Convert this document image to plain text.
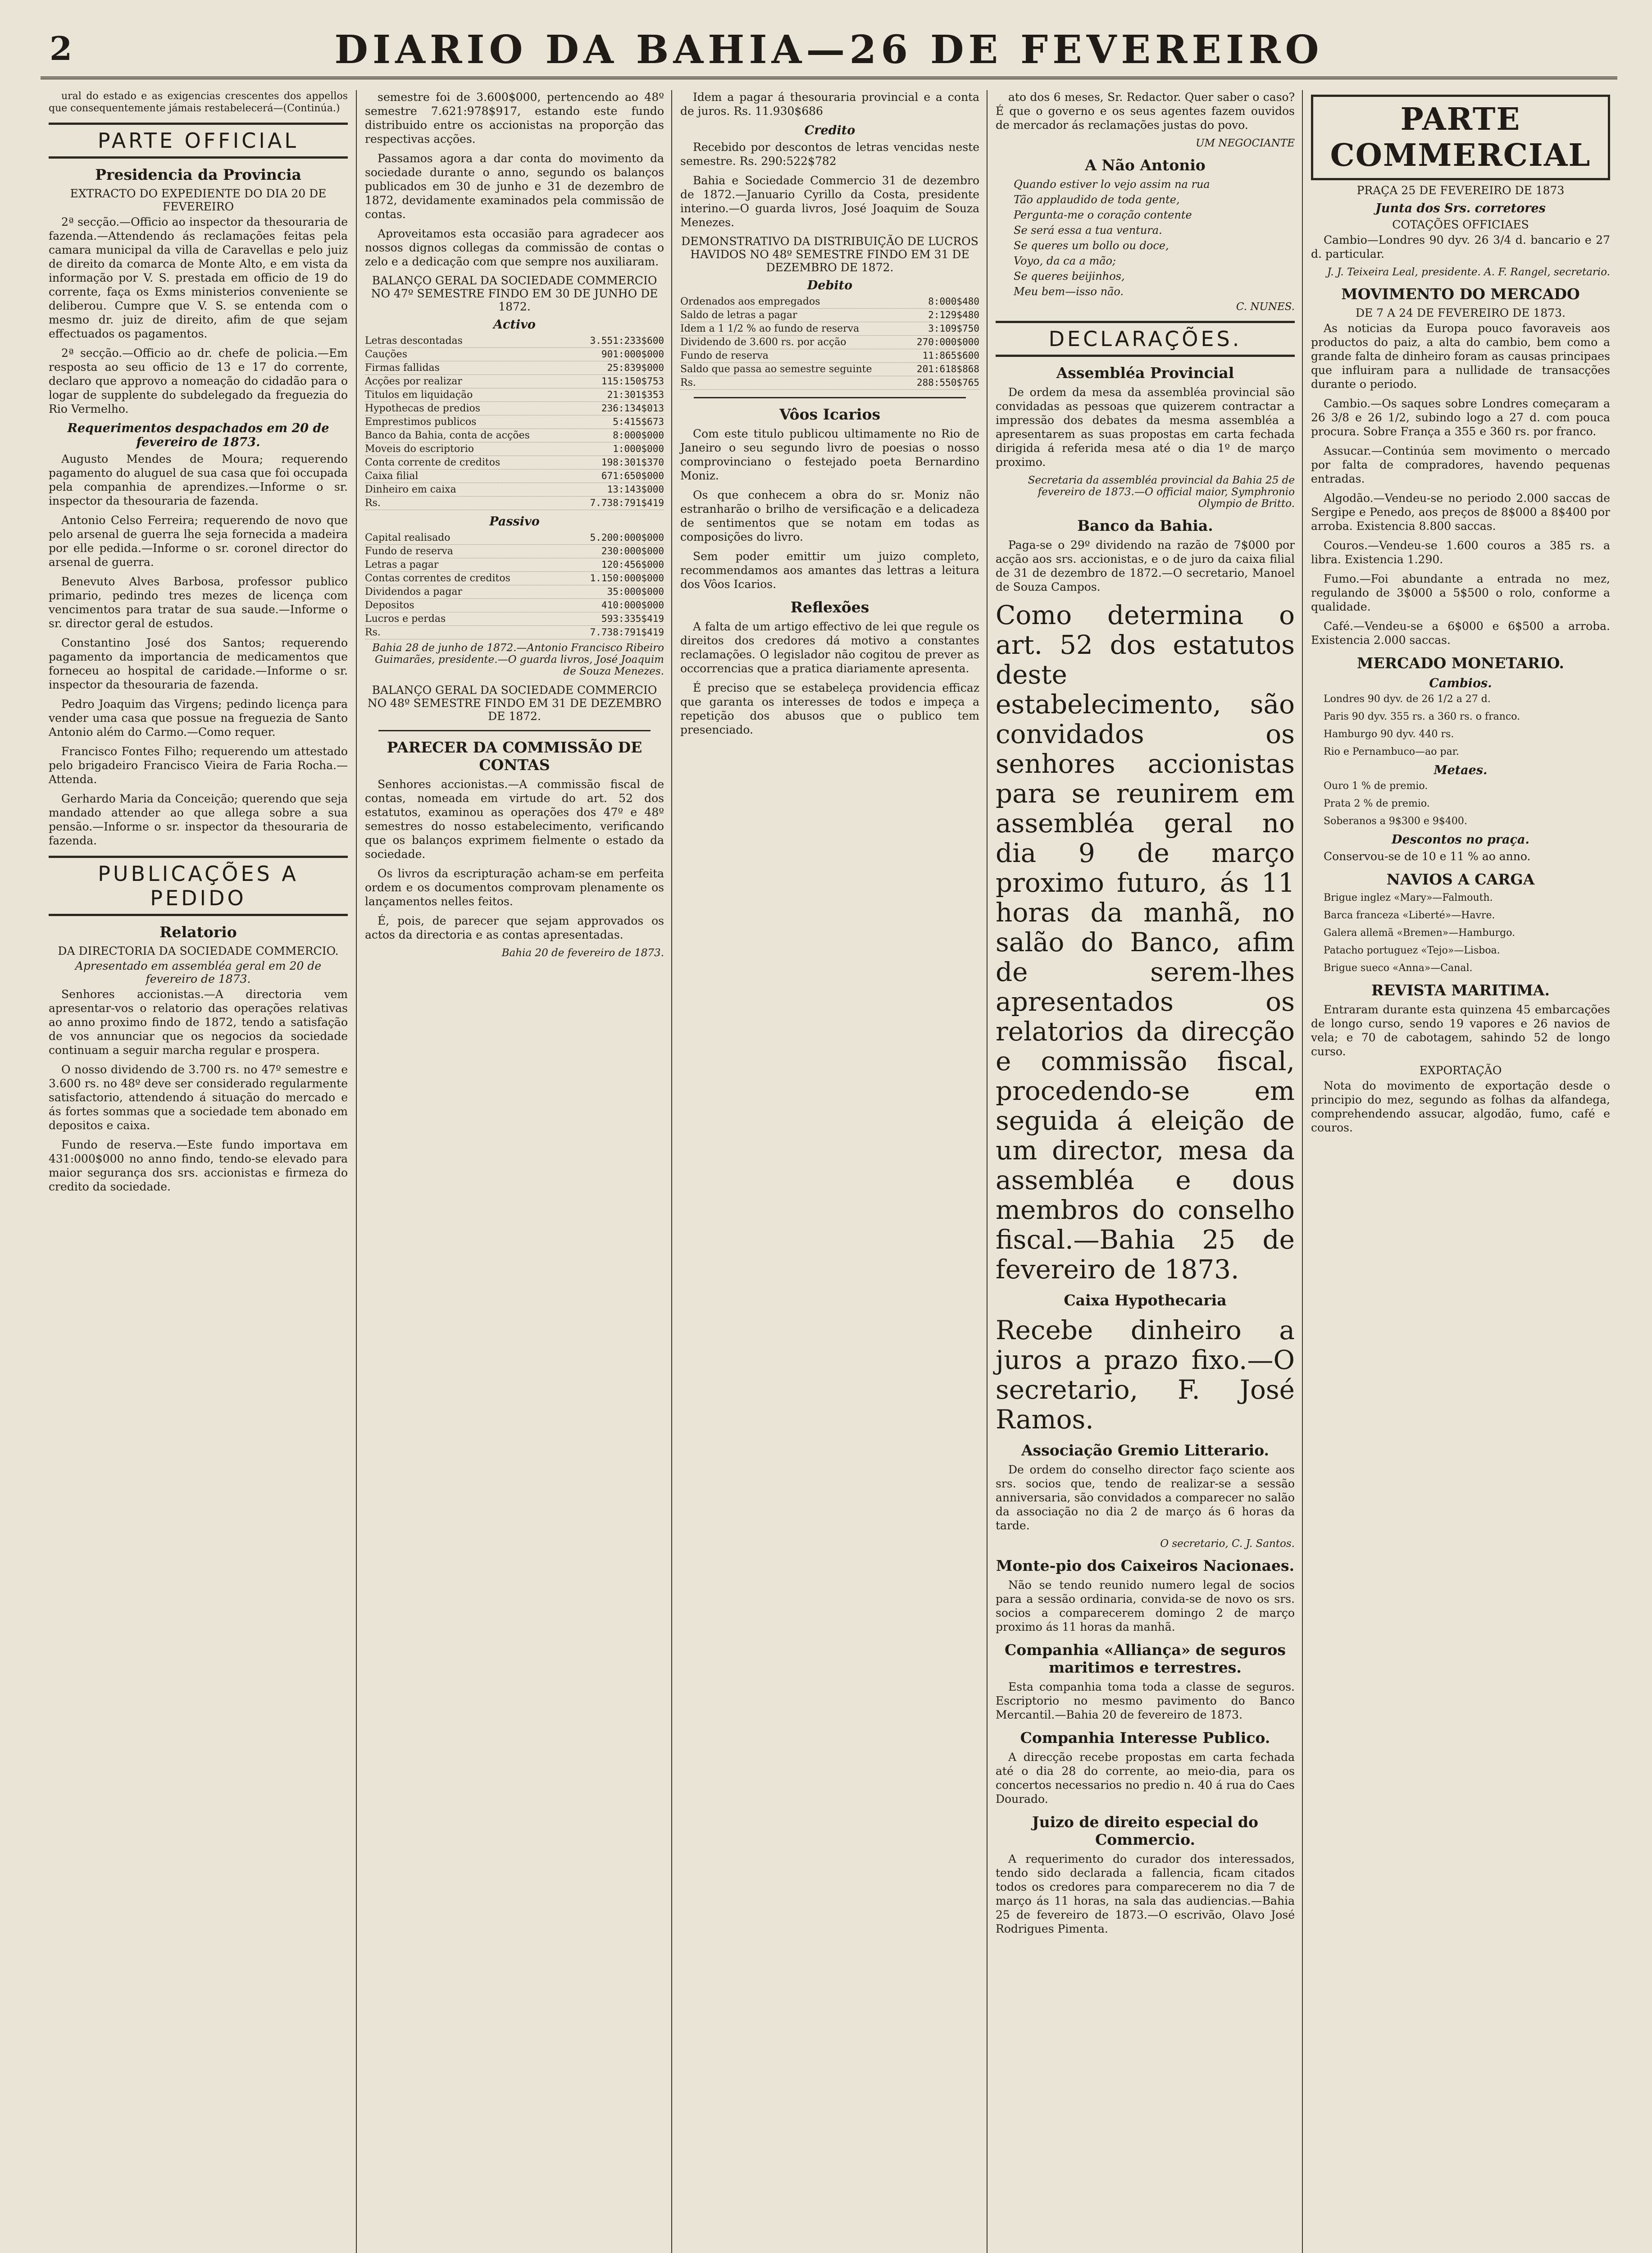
2	DIARIO DA BAHIA—26 DE FEVEREIRO

ural do estado e as exigencias crescentes dos appellos que consequentemente jámais restabelecerá—(Continúa.)

PARTE OFFICIAL
Presidencia da Provincia
EXTRACTO DO EXPEDIENTE DO DIA 20 DE FEVEREIRO

2ª secção.—Officio ao inspector da thesouraria de fazenda.—Attendendo ás reclamações feitas pela camara municipal da villa de Caravellas e pelo juiz de direito da comarca de Monte Alto, e em vista da informação por V. S. prestada em officio de 19 do corrente, faça os Exms ministerios conveniente se deliberou. Cumpre que V. S. se entenda com o mesmo dr. juiz de direito, afim de que sejam effectuados os pagamentos.

2ª secção.—Officio ao dr. chefe de policia.—Em resposta ao seu officio de 13 e 17 do corrente, declaro que approvo a nomeação do cidadão para o logar de supplente do subdelegado da freguezia do Rio Vermelho.

Requerimentos despachados em 20 de fevereiro de 1873.

Augusto Mendes de Moura; requerendo pagamento do aluguel de sua casa que foi occupada pela companhia de aprendizes.—Informe o sr. inspector da thesouraria de fazenda.

Antonio Celso Ferreira; requerendo de novo que pelo arsenal de guerra lhe seja fornecida a madeira por elle pedida.—Informe o sr. coronel director do arsenal de guerra.

Benevuto Alves Barbosa, professor publico primario, pedindo tres mezes de licença com vencimentos para tratar de sua saude.—Informe o sr. director geral de estudos.

Constantino José dos Santos; requerendo pagamento da importancia de medicamentos que forneceu ao hospital de caridade.—Informe o sr. inspector da thesouraria de fazenda.

Pedro Joaquim das Virgens; pedindo licença para vender uma casa que possue na freguezia de Santo Antonio além do Carmo.—Como requer.

Francisco Fontes Filho; requerendo um attestado pelo brigadeiro Francisco Vieira de Faria Rocha.—Attenda.

Gerhardo Maria da Conceição; querendo que seja mandado attender ao que allega sobre a sua pensão.—Informe o sr. inspector da thesouraria de fazenda.

PUBLICAÇÕES A PEDIDO
Relatorio
DA DIRECTORIA DA SOCIEDADE COMMERCIO.
Apresentado em assembléa geral em 20 de fevereiro de 1873.

Senhores accionistas.—A directoria vem apresentar-vos o relatorio das operações relativas ao anno proximo findo de 1872, tendo a satisfação de vos annunciar que os negocios da sociedade continuam a seguir marcha regular e prospera.

O nosso dividendo de 3.700 rs. no 47º semestre e 3.600 rs. no 48º deve ser considerado regularmente satisfactorio, attendendo á situação do mercado e ás fortes sommas que a sociedade tem abonado em depositos e caixa.

Fundo de reserva.—Este fundo importava em 431:000$000 no anno findo, tendo-se elevado para maior segurança dos srs. accionistas e firmeza do credito da sociedade.

semestre foi de 3.600$000, pertencendo ao 48º semestre 7.621:978$917, estando este fundo distribuido entre os accionistas na proporção das respectivas acções.

Passamos agora a dar conta do movimento da sociedade durante o anno, segundo os balanços publicados em 30 de junho e 31 de dezembro de 1872, devidamente examinados pela commissão de contas.

Aproveitamos esta occasião para agradecer aos nossos dignos collegas da commissão de contas o zelo e a dedicação com que sempre nos auxiliaram.

BALANÇO GERAL DA SOCIEDADE COMMERCIO NO 47º SEMESTRE FINDO EM 30 DE JUNHO DE 1872.
Activo
Letras descontadas	3.551:233$600
Cauções	901:000$000
Firmas fallidas	25:839$000
Acções por realizar	115:150$753
Titulos em liquidação	21:301$353
Hypothecas de predios	236:134$013
Emprestimos publicos	5:415$673
Banco da Bahia, conta de acções	8:000$000
Moveis do escriptorio	1:000$000
Conta corrente de creditos	198:301$370
Caixa filial	671:650$000
Dinheiro em caixa	13:143$000
Rs.	7.738:791$419
Passivo
Capital realisado	5.200:000$000
Fundo de reserva	230:000$000
Letras a pagar	120:456$000
Contas correntes de creditos	1.150:000$000
Dividendos a pagar	35:000$000
Depositos	410:000$000
Lucros e perdas	593:335$419
Rs.	7.738:791$419
Bahia 28 de junho de 1872.—Antonio Francisco Ribeiro Guimarães, presidente.—O guarda livros, José Joaquim de Souza Menezes.
BALANÇO GERAL DA SOCIEDADE COMMERCIO NO 48º SEMESTRE FINDO EM 31 DE DEZEMBRO DE 1872.
PARECER DA COMMISSÃO DE CONTAS

Senhores accionistas.—A commissão fiscal de contas, nomeada em virtude do art. 52 dos estatutos, examinou as operações dos 47º e 48º semestres do nosso estabelecimento, verificando que os balanços exprimem fielmente o estado da sociedade.

Os livros da escripturação acham-se em perfeita ordem e os documentos comprovam plenamente os lançamentos nelles feitos.

É, pois, de parecer que sejam approvados os actos da directoria e as contas apresentadas.

Bahia 20 de fevereiro de 1873.

Idem a pagar á thesouraria provincial e a conta de juros. Rs. 11.930$686

Credito

Recebido por descontos de letras vencidas neste semestre. Rs. 290:522$782

Bahia e Sociedade Commercio 31 de dezembro de 1872.—Januario Cyrillo da Costa, presidente interino.—O guarda livros, José Joaquim de Souza Menezes.

DEMONSTRATIVO DA DISTRIBUIÇÃO DE LUCROS HAVIDOS NO 48º SEMESTRE FINDO EM 31 DE DEZEMBRO DE 1872.
Debito
Ordenados aos empregados	8:000$480
Saldo de letras a pagar	2:129$480
Idem a 1 1/2 % ao fundo de reserva	3:109$750
Dividendo de 3.600 rs. por acção	270:000$000
Fundo de reserva	11:865$600
Saldo que passa ao semestre seguinte	201:618$868
Rs.	288:550$765
Vôos Icarios

Com este titulo publicou ultimamente no Rio de Janeiro o seu segundo livro de poesias o nosso comprovinciano o festejado poeta Bernardino Moniz.

Os que conhecem a obra do sr. Moniz não estranharão o brilho de versificação e a delicadeza de sentimentos que se notam em todas as composições do livro.

Sem poder emittir um juizo completo, recommendamos aos amantes das lettras a leitura dos Vôos Icarios.

Reflexões

A falta de um artigo effectivo de lei que regule os direitos dos credores dá motivo a constantes reclamações. O legislador não cogitou de prever as occorrencias que a pratica diariamente apresenta.

É preciso que se estabeleça providencia efficaz que garanta os interesses de todos e impeça a repetição dos abusos que o publico tem presenciado.

ato dos 6 meses, Sr. Redactor. Quer saber o caso? É que o governo e os seus agentes fazem ouvidos de mercador ás reclamações justas do povo.

UM NEGOCIANTE
A Não Antonio
Quando estiver lo vejo assim na rua
Tão applaudido de toda gente,
Pergunta-me o coração contente
Se será essa a tua ventura.
Se queres um bollo ou doce,
Voyo, da ca a mão;
Se queres beijinhos,
Meu bem—isso não.
C. NUNES.
DECLARAÇÕES.
Assembléa Provincial

De ordem da mesa da assembléa provincial são convidadas as pessoas que quizerem contractar a impressão dos debates da mesma assembléa a apresentarem as suas propostas em carta fechada dirigida á referida mesa até o dia 1º de março proximo.

Secretaria da assembléa provincial da Bahia 25 de fevereiro de 1873.—O official maior, Symphronio Olympio de Britto.
Banco da Bahia.

Paga-se o 29º dividendo na razão de 7$000 por acção aos srs. accionistas, e o de juro da caixa filial de 31 de dezembro de 1872.—O secretario, Manoel de Souza Campos.

Como determina o art. 52 dos estatutos deste estabelecimento, são convidados os senhores accionistas para se reunirem em assembléa geral no dia 9 de março proximo futuro, ás 11 horas da manhã, no salão do Banco, afim de serem-lhes apresentados os relatorios da direcção e commissão fiscal, procedendo-se em seguida á eleição de um director, mesa da assembléa e dous membros do conselho fiscal.—Bahia 25 de fevereiro de 1873.

Caixa Hypothecaria

Recebe dinheiro a juros a prazo fixo.—O secretario, F. José Ramos.

Associação Gremio Litterario.

De ordem do conselho director faço sciente aos srs. socios que, tendo de realizar-se a sessão anniversaria, são convidados a comparecer no salão da associação no dia 2 de março ás 6 horas da tarde.

O secretario, C. J. Santos.
Monte-pio dos Caixeiros Nacionaes.

Não se tendo reunido numero legal de socios para a sessão ordinaria, convida-se de novo os srs. socios a comparecerem domingo 2 de março proximo ás 11 horas da manhã.

Companhia «Alliança» de seguros maritimos e terrestres.

Esta companhia toma toda a classe de seguros. Escriptorio no mesmo pavimento do Banco Mercantil.—Bahia 20 de fevereiro de 1873.

Companhia Interesse Publico.

A direcção recebe propostas em carta fechada até o dia 28 do corrente, ao meio-dia, para os concertos necessarios no predio n. 40 á rua do Caes Dourado.

Juizo de direito especial do Commercio.

A requerimento do curador dos interessados, tendo sido declarada a fallencia, ficam citados todos os credores para comparecerem no dia 7 de março ás 11 horas, na sala das audiencias.—Bahia 25 de fevereiro de 1873.—O escrivão, Olavo José Rodrigues Pimenta.

PARTE COMMERCIAL
PRAÇA 25 DE FEVEREIRO DE 1873
Junta dos Srs. corretores
COTAÇÕES OFFICIAES

Cambio—Londres 90 dyv. 26 3/4 d. bancario e 27 d. particular.

J. J. Teixeira Leal, presidente. A. F. Rangel, secretario.
MOVIMENTO DO MERCADO
DE 7 A 24 DE FEVEREIRO DE 1873.

As noticias da Europa pouco favoraveis aos productos do paiz, a alta do cambio, bem como a grande falta de dinheiro foram as causas principaes que influiram para a nullidade de transacções durante o periodo.

Cambio.—Os saques sobre Londres começaram a 26 3/8 e 26 1/2, subindo logo a 27 d. com pouca procura. Sobre França a 355 e 360 rs. por franco.

Assucar.—Continúa sem movimento o mercado por falta de compradores, havendo pequenas entradas.

Algodão.—Vendeu-se no periodo 2.000 saccas de Sergipe e Penedo, aos preços de 8$000 a 8$400 por arroba. Existencia 8.800 saccas.

Couros.—Vendeu-se 1.600 couros a 385 rs. a libra. Existencia 1.290.

Fumo.—Foi abundante a entrada no mez, regulando de 3$000 a 5$500 o rolo, conforme a qualidade.

Café.—Vendeu-se a 6$000 e 6$500 a arroba. Existencia 2.000 saccas.

MERCADO MONETARIO.
Cambios.
Londres 90 dyv. de 26 1/2 a 27 d.
Paris 90 dyv. 355 rs. a 360 rs. o franco.
Hamburgo 90 dyv. 440 rs.
Rio e Pernambuco—ao par.
Metaes.
Ouro 1 % de premio.
Prata 2 % de premio.
Soberanos a 9$300 e 9$400.
Descontos no praça.

Conservou-se de 10 e 11 % ao anno.

NAVIOS A CARGA
Brigue inglez «Mary»—Falmouth.
Barca franceza «Liberté»—Havre.
Galera allemã «Bremen»—Hamburgo.
Patacho portuguez «Tejo»—Lisboa.
Brigue sueco «Anna»—Canal.
REVISTA MARITIMA.

Entraram durante esta quinzena 45 embarcações de longo curso, sendo 19 vapores e 26 navios de vela; e 70 de cabotagem, sahindo 52 de longo curso.

EXPORTAÇÃO

Nota do movimento de exportação desde o principio do mez, segundo as folhas da alfandega, comprehendendo assucar, algodão, fumo, café e couros.
